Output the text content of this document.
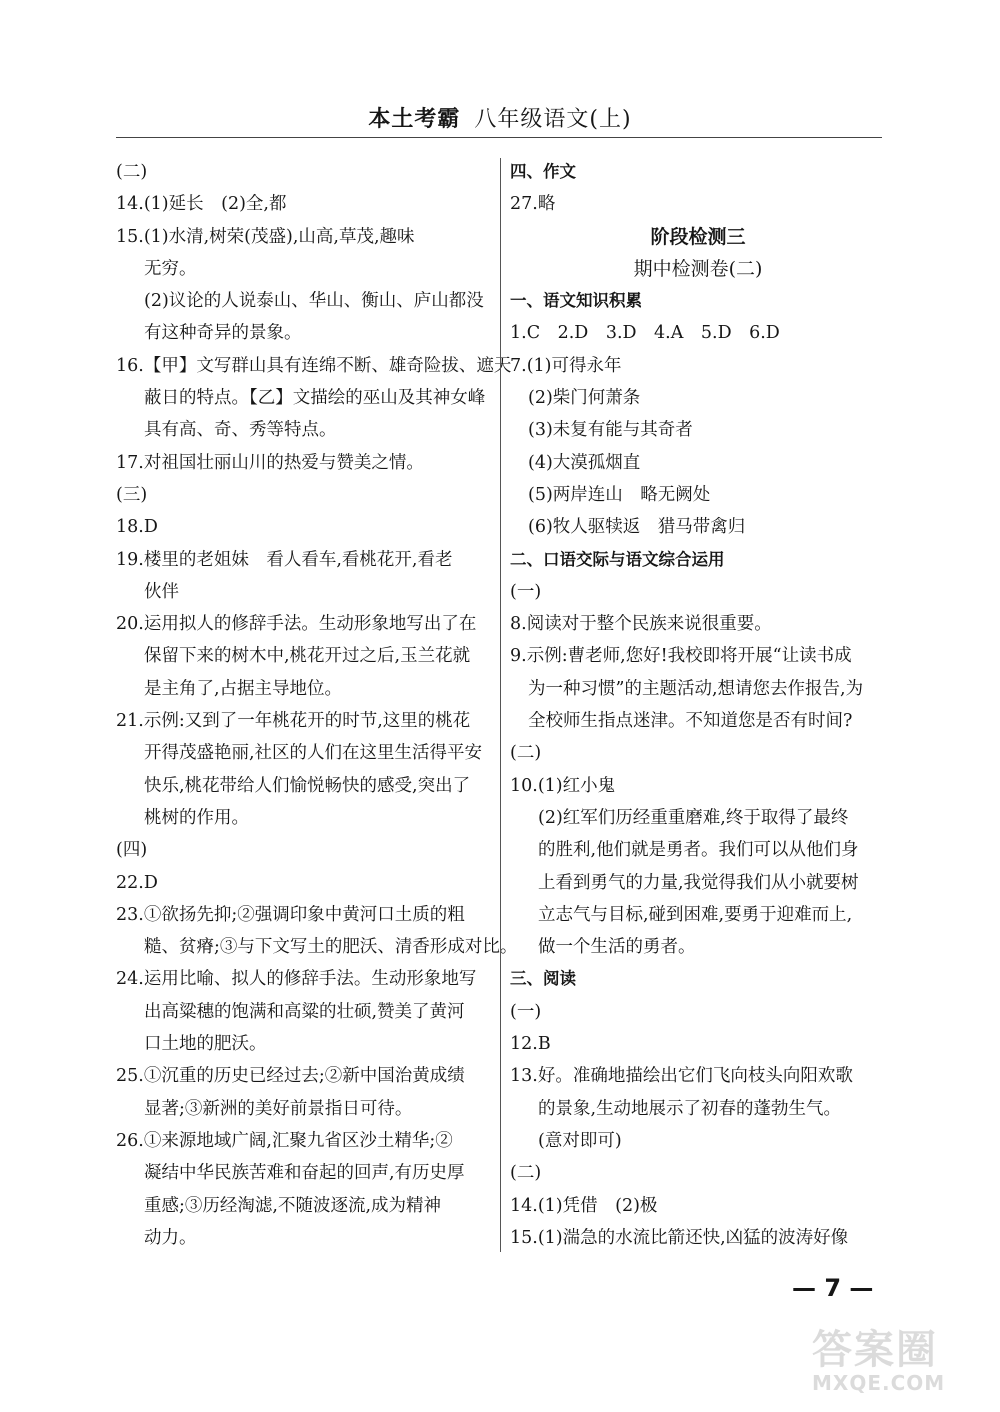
本土考霸 八年级语文(上)
(二)
14.(1)延长　(2)全,都
15.(1)水清,树荣(茂盛),山高,草茂,趣味
无穷。
(2)议论的人说泰山、华山、衡山、庐山都没
有这种奇异的景象。
16.【甲】文写群山具有连绵不断、雄奇险拔、遮天
蔽日的特点。【乙】文描绘的巫山及其神女峰
具有高、奇、秀等特点。
17.对祖国壮丽山川的热爱与赞美之情。
(三)
18.D
19.楼里的老姐妹　看人看车,看桃花开,看老
伙伴
20.运用拟人的修辞手法。生动形象地写出了在
保留下来的树木中,桃花开过之后,玉兰花就
是主角了,占据主导地位。
21.示例:又到了一年桃花开的时节,这里的桃花
开得茂盛艳丽,社区的人们在这里生活得平安
快乐,桃花带给人们愉悦畅快的感受,突出了
桃树的作用。
(四)
22.D
23.①欲扬先抑;②强调印象中黄河口土质的粗
糙、贫瘠;③与下文写土的肥沃、清香形成对比。
24.运用比喻、拟人的修辞手法。生动形象地写
出高粱穗的饱满和高粱的壮硕,赞美了黄河
口土地的肥沃。
25.①沉重的历史已经过去;②新中国治黄成绩
显著;③新洲的美好前景指日可待。
26.①来源地域广阔,汇聚九省区沙土精华;②
凝结中华民族苦难和奋起的回声,有历史厚
重感;③历经淘滤,不随波逐流,成为精神
动力。
四、作文
27.略
阶段检测三
期中检测卷(二)
一、语文知识积累
1.C　2.D　3.D　4.A　5.D　6.D
7.(1)可得永年
(2)柴门何萧条
(3)未复有能与其奇者
(4)大漠孤烟直
(5)两岸连山　略无阙处
(6)牧人驱犊返　猎马带禽归
二、口语交际与语文综合运用
(一)
8.阅读对于整个民族来说很重要。
9.示例:曹老师,您好!我校即将开展“让读书成
为一种习惯”的主题活动,想请您去作报告,为
全校师生指点迷津。不知道您是否有时间?
(二)
10.(1)红小鬼
(2)红军们历经重重磨难,终于取得了最终
的胜利,他们就是勇者。我们可以从他们身
上看到勇气的力量,我觉得我们从小就要树
立志气与目标,碰到困难,要勇于迎难而上,
做一个生活的勇者。
三、阅读
(一)
12.B
13.好。准确地描绘出它们飞向枝头向阳欢歌
的景象,生动地展示了初春的蓬勃生气。
(意对即可)
(二)
14.(1)凭借　(2)极
15.(1)湍急的水流比箭还快,凶猛的波涛好像
— 7 —
答案圈
MXQE.COM
